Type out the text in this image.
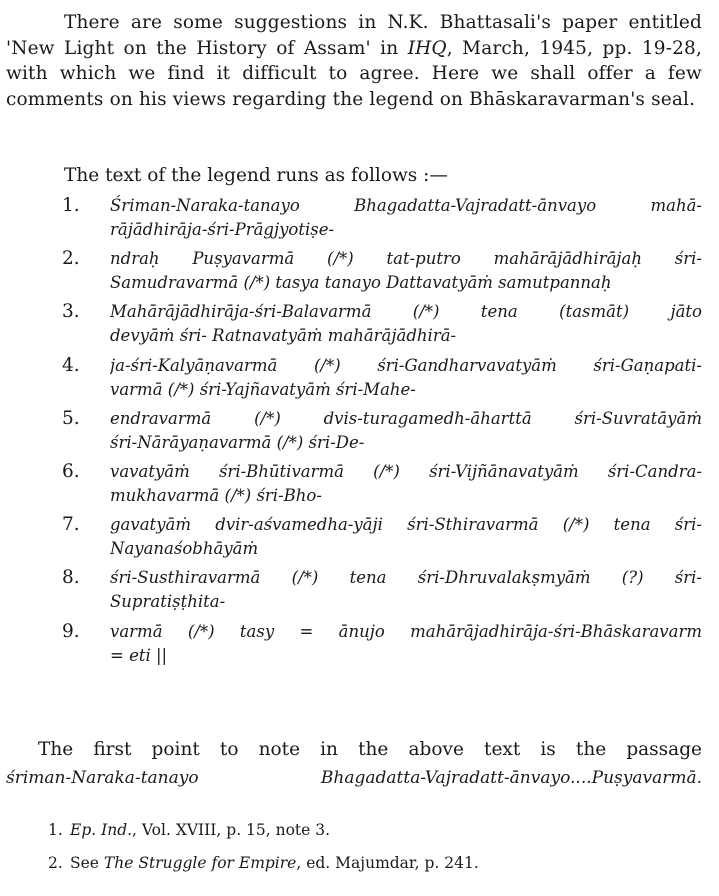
There are some suggestions in N.K. Bhattasali's paper entitled 'New Light on the History of Assam' in IHQ, March, 1945, pp. 19-28, with which we find it difficult to agree. Here we shall offer a few comments on his views regarding the legend on Bhāskaravarman's seal.
The text of the legend runs as follows :—
1. Śriman-Naraka-tanayo Bhagadatta-Vajradatt-ānvayo mahā-
rājādhirāja-śri-Prāgjyotiṣe-
2. ndraḥ Puṣyavarmā (/*) tat-putro mahārājādhirājaḥ śri-
Samudravarmā (/*) tasya tanayo Dattavatyāṁ samutpannaḥ
3. Mahārājādhirāja-śri-Balavarmā (/*) tena (tasmāt) jāto
devyāṁ śri- Ratnavatyāṁ mahārājādhirā-
4. ja-śri-Kalyāṇavarmā (/*) śri-Gandharvavatyāṁ śri-Gaṇapati-
varmā (/*) śri-Yajñavatyāṁ śri-Mahe-
5. endravarmā (/*) dvis-turagamedh-āharttā śri-Suvratāyāṁ
śri-Nārāyaṇavarmā (/*) śri-De-
6. vavatyāṁ śri-Bhūtivarmā (/*) śri-Vijñānavatyāṁ śri-Candra-
mukhavarmā (/*) śri-Bho-
7. gavatyāṁ dvir-aśvamedha-yāji śri-Sthiravarmā (/*) tena śri-
Nayanaśobhāyāṁ
8. śri-Susthiravarmā (/*) tena śri-Dhruvalakṣmyāṁ (?) śri-
Supratiṣṭhita-
9. varmā (/*) tasy = ānujo mahārājadhirāja-śri-Bhāskaravarm
= eti ||
The first point to note in the above text is the passage
śriman-Naraka-tanayo Bhagadatta-Vajradatt-ānvayo....Puṣyavarmā.
1. Ep. Ind., Vol. XVIII, p. 15, note 3.
2. See The Struggle for Empire, ed. Majumdar, p. 241.
